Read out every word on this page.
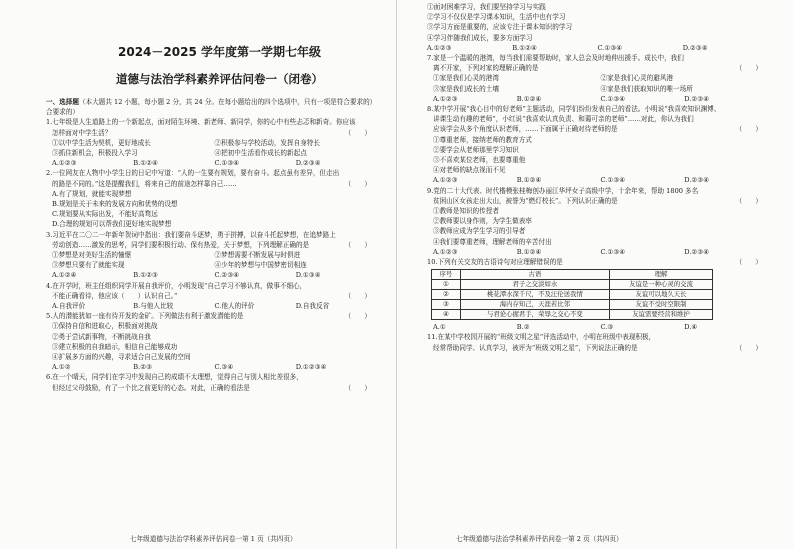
2024－2025 学年度第一学期七年级
道德与法治学科素养评估问卷一（闭卷）
一、选择题（本大题共 12 小题，每小题 2 分，共 24 分。在每小题给出的四个选项中，只有一项是符合要求的）
合要求的）
1.七年级是人生道路上的一个新起点，面对陌生环境、新老师、新同学，你的心中有些忐忑和新奇。你应该
怎样面对中学生活？	（　　）
①以中学生活为契机，更好地成长	②积极参与学校活动，发挥自身特长
③抓住新机会，积极投入学习	④把初中生活看作成长的新起点
A.①②③	B.①②④	C.①③④	D.②③④
2.一位网友在人物中小学生日的日记中写道：“人的一生要有规划，要有奋斗。起点虽有差异，但走出
的路是不同的。”这是提醒我们，将来自己的前途怎样靠自己……	（　　）
A.有了规划，就能实现梦想
B.规划是关于未来的发展方向和优势的设想
C.规划要从实际出发，不能好高骛远
D.合理的规划可以帮我们更好地实现梦想
3.习近平在二〇二一年新年贺词中指出：我们要奋斗逐梦，勇于拼搏，以奋斗托起梦想，在追梦路上
劳动创造……激发的思考，同学们要积极行动、保有热爱，关于梦想，下列理解正确的是	（　　）
①梦想是对美好生活的憧憬	②梦想需要不断发展与时俱进
③梦想只要有了就能实现	④少年的梦想与中国梦密切相连
A.①②④	B.①②③	C.②③④	D.①③④
4.在开学时，班主任组织同学开展自我评价，小明发现“自己学习不够认真，做事不细心，
不能正确看待，他应该（　　）认识自己。”	（　　）
A.自我评价	B.与他人比较	C.他人的评价	D.自我反省
5.人的潜能犹如一座有待开发的金矿。下列做法有利于激发潜能的是	（　　）
①保持自信和进取心，积极面对挑战
②勇于尝试新事物，不断挑战自我
③建立积极的自我暗示，相信自己能够成功
④扩展多方面的兴趣，寻求适合自己发展的空间
A.①②	B.②③	C.③④	D.①②③④
6.在一个晴天，同学们在学习中发现自己的成绩不太理想，觉得自己与别人相比差很多，
但经过父母鼓励，有了一个比之前更好的心态。对此，正确的看法是	（　　）
七年级道德与法治学科素养评估问卷一第 1 页（共四页）
①面对困难学习，我们要坚持学习与实践
②学习不仅仅是学习课本知识，生活中也有学习
③学习方面是重要的，应该专注于课本知识的学习
④学习伴随我们成长，要多方面学习
A.①②③	B.①②④	C.①③④	D.②③④
7.家是一个温暖的港湾，每当我们需要帮助时，家人总会及时地伸出援手。成长中，我们
离不开家，下列对家的理解正确的是	（　　）
①家是我们心灵的港湾	②家是我们心灵的避风港
③家是我们成长的土壤	④家是我们获取知识的唯一场所
A.①②③	B.①②④	C.①③④	D.②③④
8.某中学开展“我心目中的好老师”主题活动，同学们纷纷发表自己的看法。小明说“我喜欢知识渊博、
讲课生动有趣的老师”，小红说“我喜欢认真负责、和蔼可亲的老师”……对此，你认为我们
应该学会从多个角度认识老师，……下面属于正确对待老师的是	（　　）
①尊重老师，接纳老师的教育方式
②要学会从老师那里学习知识
③不喜欢某位老师，也要尊重他
④对老师的缺点视而不见
A.①②③	B.①②④	C.①③④	D.②③④
9.党的二十大代表、时代楷模张桂梅创办丽江华坪女子高级中学，十余年来，帮助 1800 多名
贫困山区女孩走出大山，被誉为“燃灯校长”。下列认识正确的是	（　　）
①教师是知识的传授者
②教师要以身作则，为学生做表率
③教师应成为学生学习的引导者
④我们要尊重老师，理解老师的辛苦付出
A.①②③	B.①②④	C.①③④	D.②③④
10.下列有关交友的古语诗句对应理解错误的是	（　　）
序号	古语	理解
①	君子之交淡如水	友谊是一种心灵的交流
②	桃花潭水深千尺，不及汪伦送我情	友谊可以地久天长
③	海内存知己，天涯若比邻	友谊不受时空限制
④	与君论心握君手，荣辱之交心不变	友谊需要经营和维护
A.①	B.②	C.③	D.④
11.在某中学校园开展的“班级文明之星”评选活动中，小明在班级中表现积极，
经常帮助同学、认真学习，被评为“班级文明之星”，下列说法正确的是	（　　）
七年级道德与法治学科素养评估问卷一第 2 页（共四页）
